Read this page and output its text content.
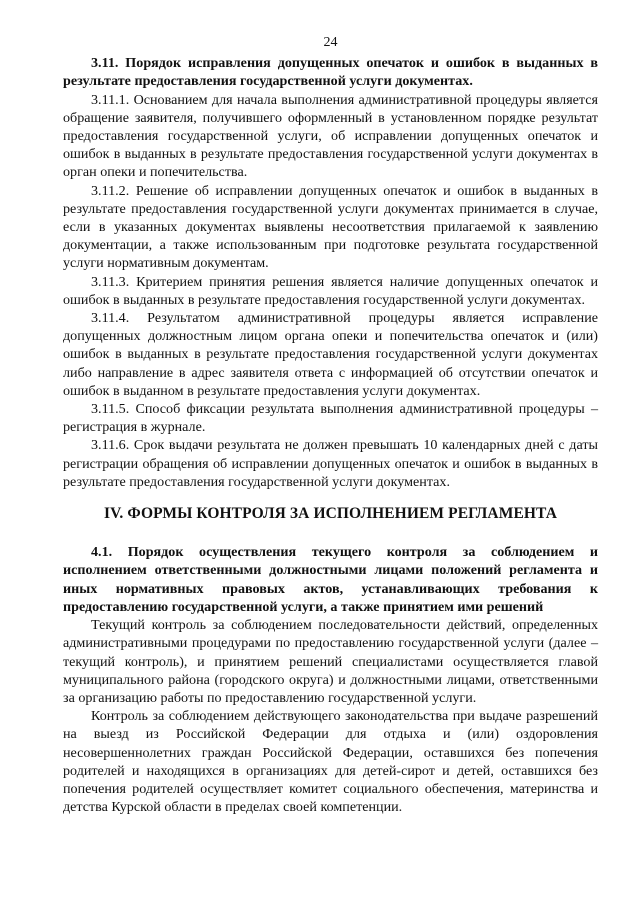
24

3.11. Порядок исправления допущенных опечаток и ошибок в выданных в результате предоставления государственной услуги документах.

3.11.1. Основанием для начала выполнения административной процедуры является обращение заявителя, получившего оформленный в установленном порядке результат предоставления государственной услуги, об исправлении допущенных опечаток и ошибок в выданных в результате предоставления государственной услуги документах в орган опеки и попечительства.

3.11.2. Решение об исправлении допущенных опечаток и ошибок в выданных в результате предоставления государственной услуги документах принимается в случае, если в указанных документах выявлены несоответствия прилагаемой к заявлению документации, а также использованным при подготовке результата государственной услуги нормативным документам.

3.11.3. Критерием принятия решения является наличие допущенных опечаток и ошибок в выданных в результате предоставления государственной услуги документах.

3.11.4. Результатом административной процедуры является исправление допущенных должностным лицом органа опеки и попечительства опечаток и (или) ошибок в выданных в результате предоставления государственной услуги документах либо направление в адрес заявителя ответа с информацией об отсутствии опечаток и ошибок в выданном в результате предоставления услуги документах.

3.11.5. Способ фиксации результата выполнения административной процедуры – регистрация в журнале.

3.11.6. Срок выдачи результата не должен превышать 10 календарных дней с даты регистрации обращения об исправлении допущенных опечаток и ошибок в выданных в результате предоставления государственной услуги документах.

IV. ФОРМЫ КОНТРОЛЯ ЗА ИСПОЛНЕНИЕМ РЕГЛАМЕНТА

4.1. Порядок осуществления текущего контроля за соблюдением и исполнением ответственными должностными лицами положений регламента и иных нормативных правовых актов, устанавливающих требования к предоставлению государственной услуги, а также принятием ими решений

Текущий контроль за соблюдением последовательности действий, определенных административными процедурами по предоставлению государственной услуги (далее – текущий контроль), и принятием решений специалистами осуществляется главой муниципального района (городского округа) и должностными лицами, ответственными за организацию работы по предоставлению государственной услуги.

Контроль за соблюдением действующего законодательства при выдаче разрешений на выезд из Российской Федерации для отдыха и (или) оздоровления несовершеннолетних граждан Российской Федерации, оставшихся без попечения родителей и находящихся в организациях для детей-сирот и детей, оставшихся без попечения родителей осуществляет комитет социального обеспечения, материнства и детства Курской области в пределах своей компетенции.
